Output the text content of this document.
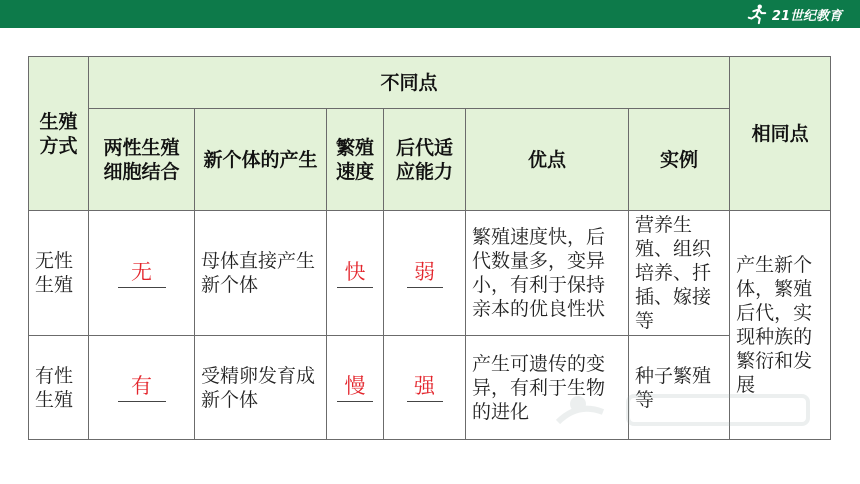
21世纪教育
生殖方式	不同点						相同点
	两性生殖细胞结合	新个体的产生	繁殖速度	后代适应能力	优点	实例	
无性生殖	无	母体直接产生新个体	快	弱	繁殖速度快，后代数量多，变异小，有利于保持亲本的优良性状	营养生殖、组织培养、扦插、嫁接等	产生新个体，繁殖后代，实现种族的繁衍和发展
有性生殖	有	受精卵发育成新个体	慢	强	产生可遗传的变异，有利于生物的进化	种子繁殖等	
